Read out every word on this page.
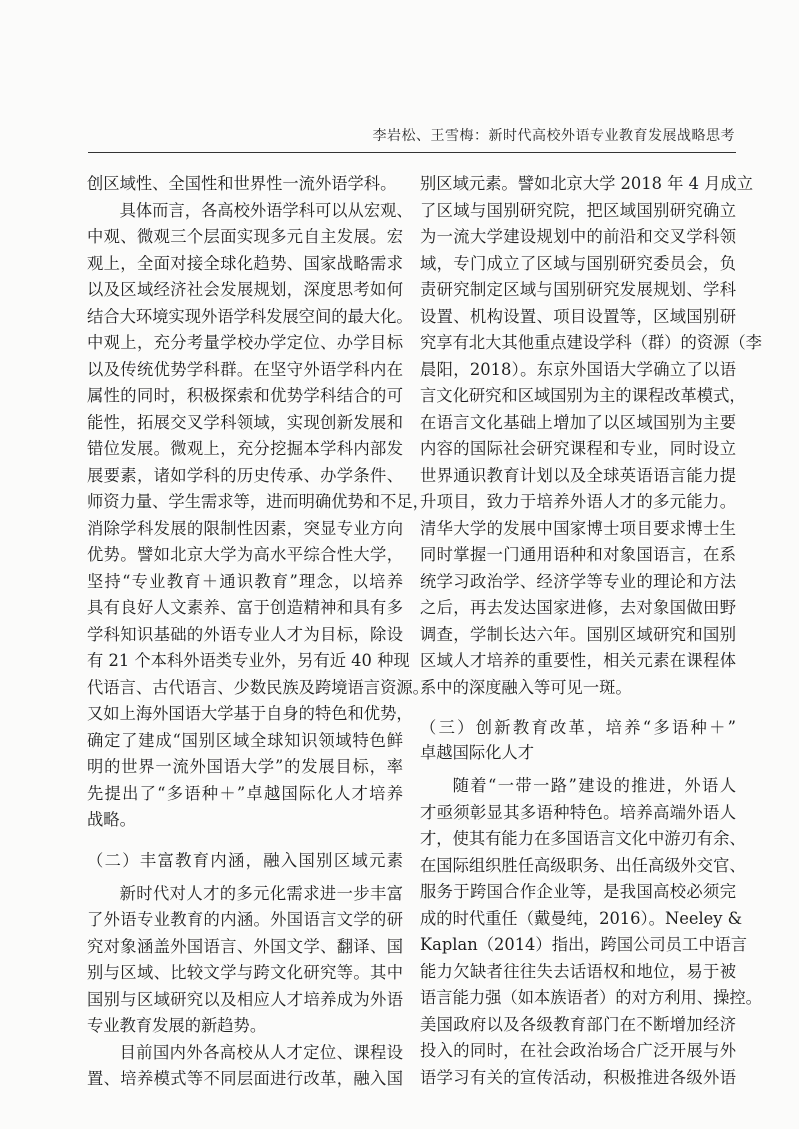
李岩松、王雪梅：新时代高校外语专业教育发展战略思考
创区域性、全国性和世界性一流外语学科。
具体而言，各高校外语学科可以从宏观、
中观、微观三个层面实现多元自主发展。宏
观上，全面对接全球化趋势、国家战略需求
以及区域经济社会发展规划，深度思考如何
结合大环境实现外语学科发展空间的最大化。
中观上，充分考量学校办学定位、办学目标
以及传统优势学科群。在坚守外语学科内在
属性的同时，积极探索和优势学科结合的可
能性，拓展交叉学科领域，实现创新发展和
错位发展。微观上，充分挖掘本学科内部发
展要素，诸如学科的历史传承、办学条件、
师资力量、学生需求等，进而明确优势和不足，
消除学科发展的限制性因素，突显专业方向
优势。譬如北京大学为高水平综合性大学，
坚持“专业教育＋通识教育”理念，以培养
具有良好人文素养、富于创造精神和具有多
学科知识基础的外语专业人才为目标，除设
有 21 个本科外语类专业外，另有近 40 种现
代语言、古代语言、少数民族及跨境语言资源。
又如上海外国语大学基于自身的特色和优势，
确定了建成“国别区域全球知识领域特色鲜
明的世界一流外国语大学”的发展目标，率
先提出了“多语种＋”卓越国际化人才培养
战略。
（二）丰富教育内涵，融入国别区域元素
新时代对人才的多元化需求进一步丰富
了外语专业教育的内涵。外国语言文学的研
究对象涵盖外国语言、外国文学、翻译、国
别与区域、比较文学与跨文化研究等。其中
国别与区域研究以及相应人才培养成为外语
专业教育发展的新趋势。
目前国内外各高校从人才定位、课程设
置、培养模式等不同层面进行改革，融入国
别区域元素。譬如北京大学 2018 年 4 月成立
了区域与国别研究院，把区域国别研究确立
为一流大学建设规划中的前沿和交叉学科领
域，专门成立了区域与国别研究委员会，负
责研究制定区域与国别研究发展规划、学科
设置、机构设置、项目设置等，区域国别研
究享有北大其他重点建设学科（群）的资源（李
晨阳，2018）。东京外国语大学确立了以语
言文化研究和区域国别为主的课程改革模式，
在语言文化基础上增加了以区域国别为主要
内容的国际社会研究课程和专业，同时设立
世界通识教育计划以及全球英语语言能力提
升项目，致力于培养外语人才的多元能力。
清华大学的发展中国家博士项目要求博士生
同时掌握一门通用语种和对象国语言，在系
统学习政治学、经济学等专业的理论和方法
之后，再去发达国家进修，去对象国做田野
调查，学制长达六年。国别区域研究和国别
区域人才培养的重要性，相关元素在课程体
系中的深度融入等可见一斑。
（三）创新教育改革，培养“多语种＋”
卓越国际化人才
随着“一带一路”建设的推进，外语人
才亟须彰显其多语种特色。培养高端外语人
才，使其有能力在多国语言文化中游刃有余、
在国际组织胜任高级职务、出任高级外交官、
服务于跨国合作企业等，是我国高校必须完
成的时代重任（戴曼纯，2016）。Neeley &
Kaplan（2014）指出，跨国公司员工中语言
能力欠缺者往往失去话语权和地位，易于被
语言能力强（如本族语者）的对方利用、操控。
美国政府以及各级教育部门在不断增加经济
投入的同时，在社会政治场合广泛开展与外
语学习有关的宣传活动，积极推进各级外语
